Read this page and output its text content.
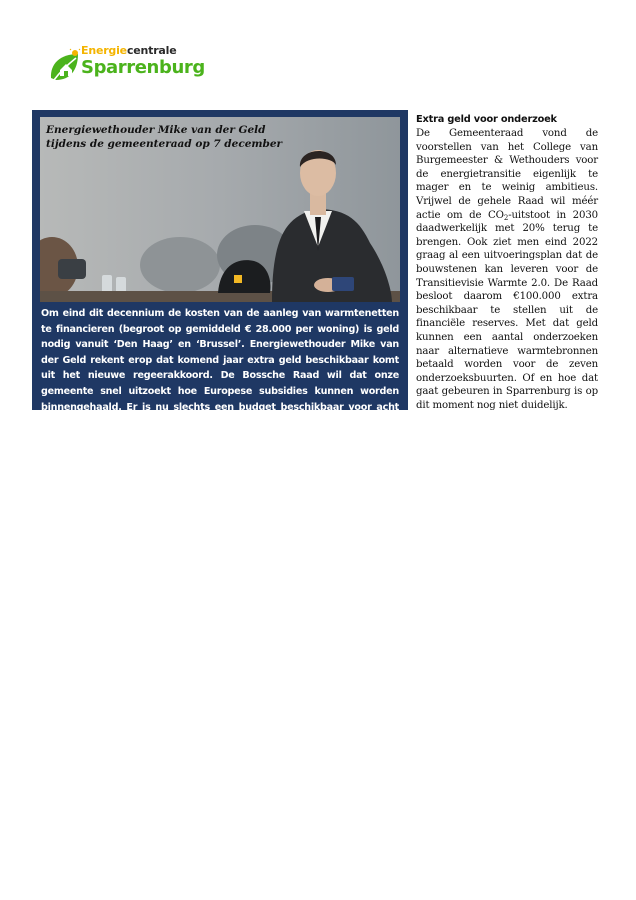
Energiecentrale
Sparrenburg
Energiewethouder Mike van der Geld
tijdens de gemeenteraad op 7 december
Om eind dit decennium de kosten van de aanleg van warmtenetten te financieren (begroot op gemiddeld € 28.000 per woning) is geld nodig vanuit ‘Den Haag’ en ‘Brussel’. Energiewethouder Mike van der Geld rekent erop dat komend jaar extra geld beschikbaar komt uit het nieuwe regeerakkoord. De Bossche Raad wil dat onze gemeente snel uitzoekt hoe Europese subsidies kunnen worden binnengehaald. Er is nu slechts een budget beschikbaar voor acht van de 107 Bossche buurten.
Extra geld voor onderzoek

De Gemeenteraad vond de voorstellen van het College van Burgemeester & Wethouders voor de energietransitie eigenlijk te mager en te weinig ambitieus. Vrijwel de gehele Raad wil méér actie om de $CO_2$-uitstoot in 2030 daadwerkelijk met 20% terug te brengen. Ook ziet men eind 2022 graag al een uitvoeringsplan dat de bouwstenen kan leveren voor de Transitievisie Warmte 2.0. De Raad besloot daarom €100.000 extra beschikbaar te stellen uit de financiële reserves. Met dat geld kunnen een aantal onderzoeken naar alternatieve warmtebronnen betaald worden voor de zeven onderzoeksbuurten. Of en hoe dat gaat gebeuren in Sparrenburg is op dit moment nog niet duidelijk.
